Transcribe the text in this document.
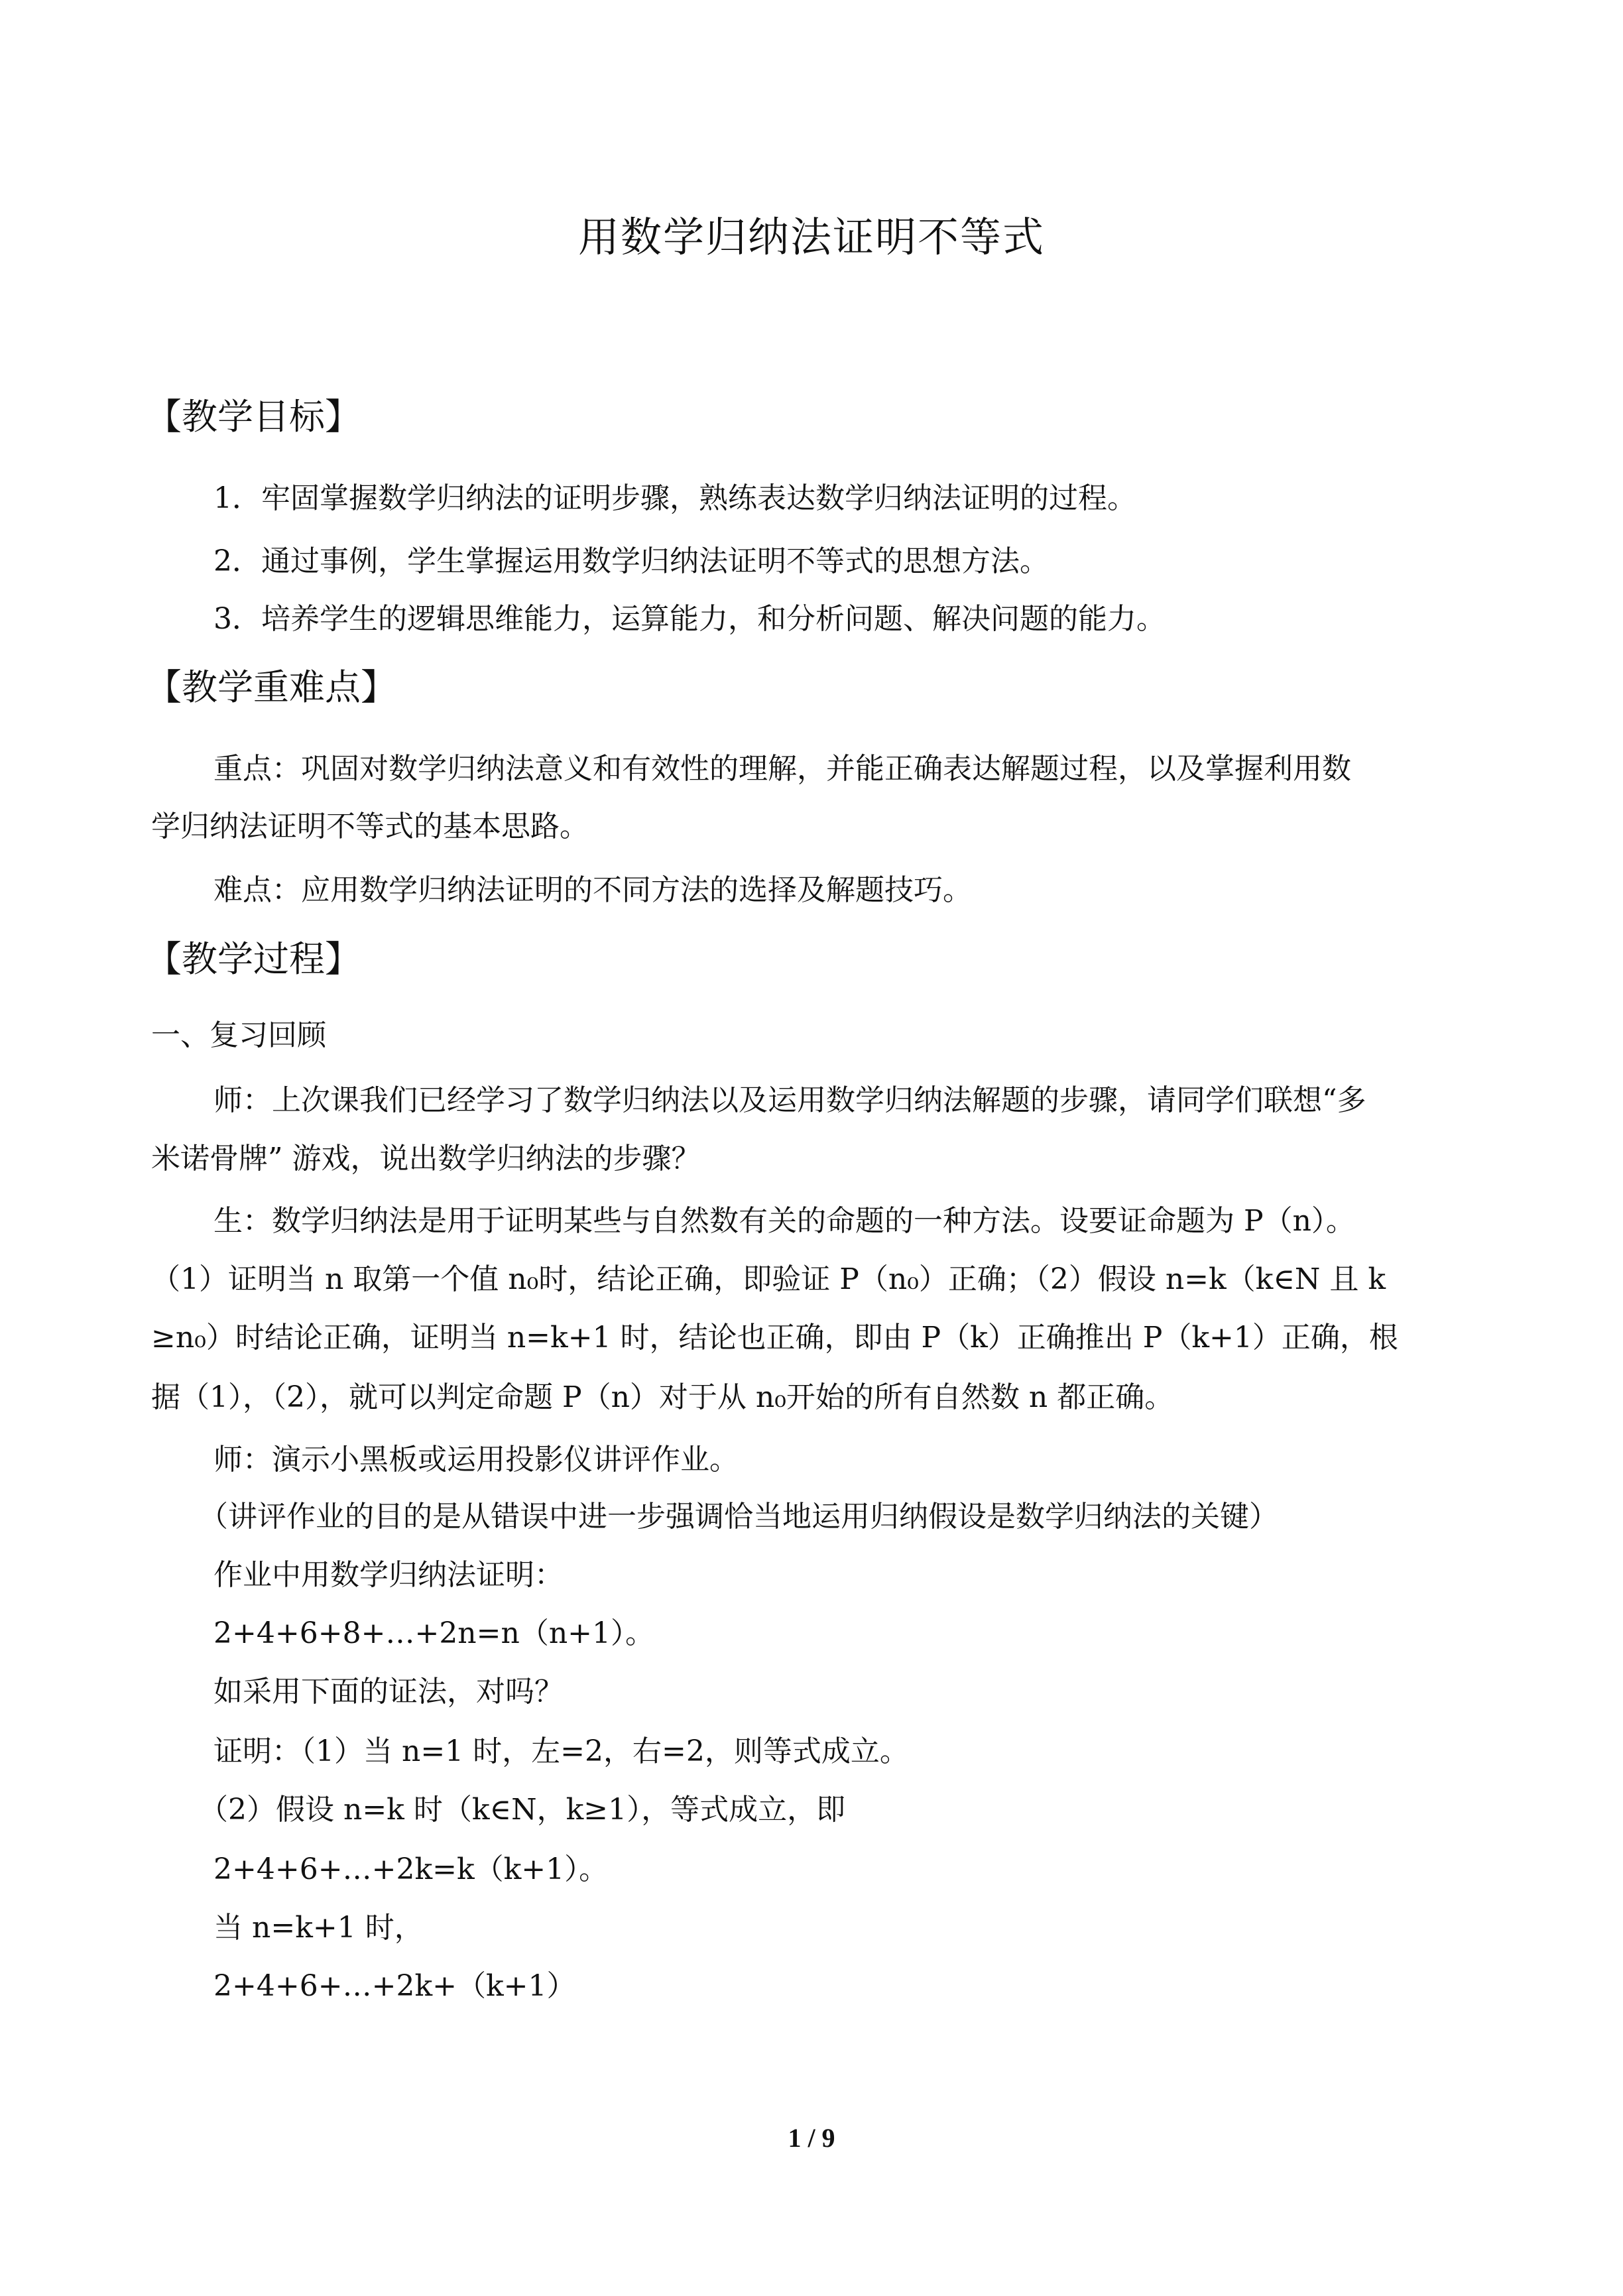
用数学归纳法证明不等式
【教学目标】
1．牢固掌握数学归纳法的证明步骤，熟练表达数学归纳法证明的过程。
2．通过事例，学生掌握运用数学归纳法证明不等式的思想方法。
3．培养学生的逻辑思维能力，运算能力，和分析问题、解决问题的能力。
【教学重难点】
重点：巩固对数学归纳法意义和有效性的理解，并能正确表达解题过程，以及掌握利用数
学归纳法证明不等式的基本思路。
难点：应用数学归纳法证明的不同方法的选择及解题技巧。
【教学过程】
一、复习回顾
师：上次课我们已经学习了数学归纳法以及运用数学归纳法解题的步骤，请同学们联想“多
米诺骨牌” 游戏，说出数学归纳法的步骤？
生：数学归纳法是用于证明某些与自然数有关的命题的一种方法。设要证命题为 P（n）。
（1）证明当 n 取第一个值 n₀时，结论正确，即验证 P（n₀）正确；（2）假设 n=k（k∈N 且 k
≥n₀）时结论正确，证明当 n=k+1 时，结论也正确，即由 P（k）正确推出 P（k+1）正确，根
据（1），（2），就可以判定命题 P（n）对于从 n₀开始的所有自然数 n 都正确。
师：演示小黑板或运用投影仪讲评作业。
（讲评作业的目的是从错误中进一步强调恰当地运用归纳假设是数学归纳法的关键）
作业中用数学归纳法证明：
2+4+6+8+…+2n=n（n+1）。
如采用下面的证法，对吗？
证明：（1）当 n=1 时，左=2，右=2，则等式成立。
（2）假设 n=k 时（k∈N，k≥1），等式成立，即
2+4+6+…+2k=k（k+1）。
当 n=k+1 时，
2+4+6+…+2k+（k+1）
1 / 9
